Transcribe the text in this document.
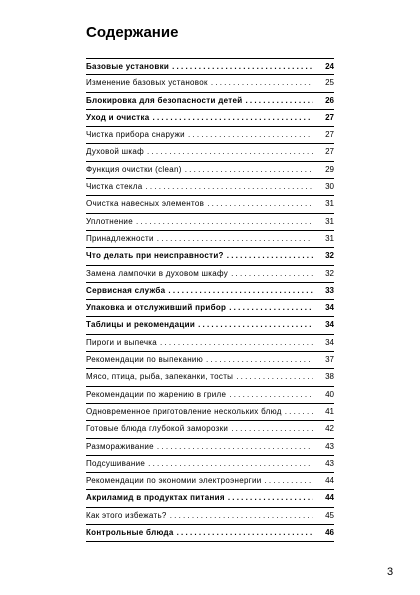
Содержание
Базовые установки . . .	24
Изменение базовых установок . . .	25
Блокировка для безопасности детей . . .	26
Уход и очистка . . .	27
Чистка прибора снаружи . . .	27
Духовой шкаф . . .	27
Функция очистки (clean) . . .	29
Чистка стекла . . .	30
Очистка навесных элементов . . .	31
Уплотнение . . .	31
Принадлежности . . .	31
Что делать при неисправности? . . .	32
Замена лампочки в духовом шкафу . . .	32
Сервисная служба . . .	33
Упаковка и отслуживший прибор . . .	34
Таблицы и рекомендации . . .	34
Пироги и выпечка . . .	34
Рекомендации по выпеканию . . .	37
Мясо, птица, рыба, запеканки, тосты . . .	38
Рекомендации по жарению в гриле . . .	40
Одновременное приготовление нескольких блюд . . .	41
Готовые блюда глубокой заморозки . . .	42
Размораживание . . .	43
Подсушивание . . .	43
Рекомендации по экономии электроэнергии . . .	44
Акриламид в продуктах питания . . .	44
Как этого избежать? . . .	45
Контрольные блюда . . .	46
3
